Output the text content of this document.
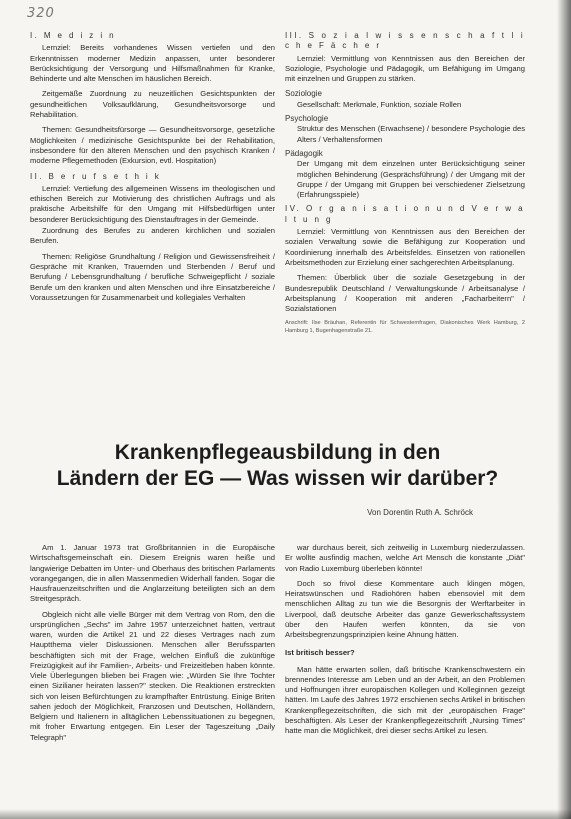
320
I. M e d i z i n

Lernziel: Bereits vorhandenes Wissen vertiefen und den Erkenntnissen moderner Medizin anpassen, unter besonderer Berücksichtigung der Versorgung und Hilfsmaßnahmen für Kranke, Behinderte und alte Menschen im häuslichen Bereich.

Zeitgemäße Zuordnung zu neuzeitlichen Gesichtspunkten der gesundheitlichen Volksaufklärung, Gesundheitsvorsorge und Rehabilitation.

Themen: Gesundheitsfürsorge — Gesundheitsvorsorge, gesetzliche Möglichkeiten / medizinische Gesichtspunkte bei der Rehabilitation, insbesondere für den älteren Menschen und den psychisch Kranken / moderne Pflegemethoden (Exkursion, evtl. Hospitation)

II. B e r u f s e t h i k

Lernziel: Vertiefung des allgemeinen Wissens im theologischen und ethischen Bereich zur Motivierung des christlichen Auftrags und als praktische Arbeitshilfe für den Umgang mit Hilfsbedürftigen unter besonderer Berücksichtigung des Dienstauftrages in der Gemeinde.

Zuordnung des Berufes zu anderen kirchlichen und sozialen Berufen.

Themen: Religiöse Grundhaltung / Religion und Gewissensfreiheit / Gespräche mit Kranken, Trauernden und Sterbenden / Beruf und Berufung / Lebensgrundhaltung / berufliche Schweigepflicht / soziale Berufe um den kranken und alten Menschen und ihre Einsatzbereiche / Voraussetzungen für Zusammenarbeit und kollegiales Verhalten

III. S o z i a l w i s s e n s c h a f t l i c h e F ä c h e r

Lernziel: Vermittlung von Kenntnissen aus den Bereichen der Soziologie, Psychologie und Pädagogik, um Befähigung im Umgang mit einzelnen und Gruppen zu stärken.

Soziologie

Gesellschaft: Merkmale, Funktion, soziale Rollen

Psychologie

Struktur des Menschen (Erwachsene) / besondere Psychologie des Alters / Verhaltensformen

Pädagogik

Der Umgang mit dem einzelnen unter Berücksichtigung seiner möglichen Behinderung (Gesprächsführung) / der Umgang mit der Gruppe / der Umgang mit Gruppen bei verschiedener Zielsetzung (Erfahrungsspiele)

IV. O r g a n i s a t i o n u n d V e r w a l t u n g

Lernziel: Vermittlung von Kenntnissen aus den Bereichen der sozialen Verwaltung sowie die Befähigung zur Kooperation und Koordinierung innerhalb des Arbeitsfeldes. Einsetzen von rationellen Arbeitsmethoden zur Erzielung einer sachgerechten Arbeitsplanung.

Themen: Überblick über die soziale Gesetzgebung in der Bundesrepublik Deutschland / Verwaltungskunde / Arbeitsanalyse / Arbeitsplanung / Kooperation mit anderen „Facharbeitern" / Sozialstationen

Anschrift: Ilse Bräuhan, Referentin für Schwesternfragen, Diakonisches Werk Hamburg, 2 Hamburg 1, Bugenhagenstraße 21.

Krankenpflegeausbildung in den
Ländern der EG — Was wissen wir darüber?
Von Dorentin Ruth A. Schröck

Am 1. Januar 1973 trat Großbritannien in die Europäische Wirtschaftsgemeinschaft ein. Diesem Ereignis waren heiße und langwierige Debatten im Unter- und Oberhaus des britischen Parlaments vorangegangen, die in allen Massenmedien Widerhall fanden. Sogar die Hausfrauenzeitschriften und die Anglarzeitung beteiligten sich an dem Streitgespräch.

Obgleich nicht alle vielle Bürger mit dem Vertrag von Rom, den die ursprünglichen „Sechs" im Jahre 1957 unterzeichnet hatten, vertraut waren, wurden die Artikel 21 und 22 dieses Vertrages nach zum Hauptthema vieler Diskussionen. Menschen aller Berufssparten beschäftigten sich mit der Frage, welchen Einfluß die zukünftige Freizügigkeit auf ihr Familien-, Arbeits- und Freizeitleben haben könnte. Viele Überlegungen blieben bei Fragen wie: „Würden Sie Ihre Tochter einen Sizilianer heiraten lassen?" stecken. Die Reaktionen erstreckten sich von leisen Befürchtungen zu krampfhafter Entrüstung. Einige Briten sahen jedoch der Möglichkeit, Franzosen und Deutschen, Holländern, Belgiern und Italienern in alltäglichen Lebenssituationen zu begegnen, mit froher Erwartung entgegen. Ein Leser der Tageszeitung „Daily Telegraph"

war durchaus bereit, sich zeitweilig in Luxemburg niederzulassen. Er wollte ausfindig machen, welche Art Mensch die konstante „Diät" von Radio Luxemburg überleben könnte!

Doch so frivol diese Kommentare auch klingen mögen, Heiratswünschen und Radiohören haben ebensoviel mit dem menschlichen Alltag zu tun wie die Besorgnis der Werftarbeiter in Liverpool, daß deutsche Arbeiter das ganze Gewerkschaftssystem über den Haufen werfen könnten, da sie von Arbeitsbegrenzungsprinzipien keine Ahnung hätten.

Ist britisch besser?

Man hätte erwarten sollen, daß britische Krankenschwestern ein brennendes Interesse am Leben und an der Arbeit, an den Problemen und Hoffnungen ihrer europäischen Kollegen und Kolleginnen gezeigt hätten. Im Laufe des Jahres 1972 erschienen sechs Artikel in britischen Krankenpflegezeitschriften, die sich mit der „europäischen Frage" beschäftigten. Als Leser der Krankenpflegezeitschrift „Nursing Times" hatte man die Möglichkeit, drei dieser sechs Artikel zu lesen.
